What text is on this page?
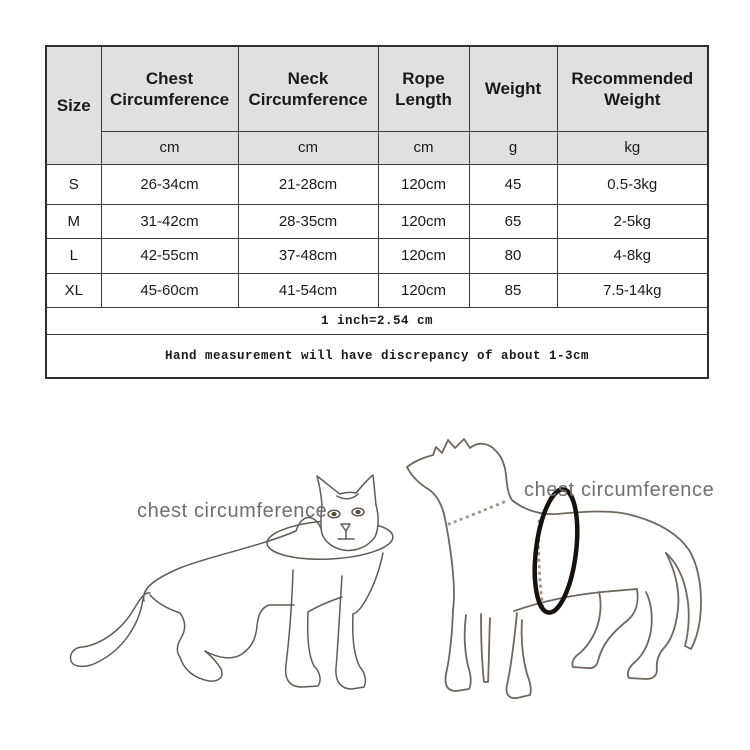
Size	Chest Circumference	Neck Circumference	Rope Length	Weight	Recommended Weight
	cm	cm	cm	g	kg
S	26-34cm	21-28cm	120cm	45	0.5-3kg
M	31-42cm	28-35cm	120cm	65	2-5kg
L	42-55cm	37-48cm	120cm	80	4-8kg
XL	45-60cm	41-54cm	120cm	85	7.5-14kg
1 inch=2.54 cm					
Hand measurement will have discrepancy of about 1-3cm					
chest circumference
chest circumference
